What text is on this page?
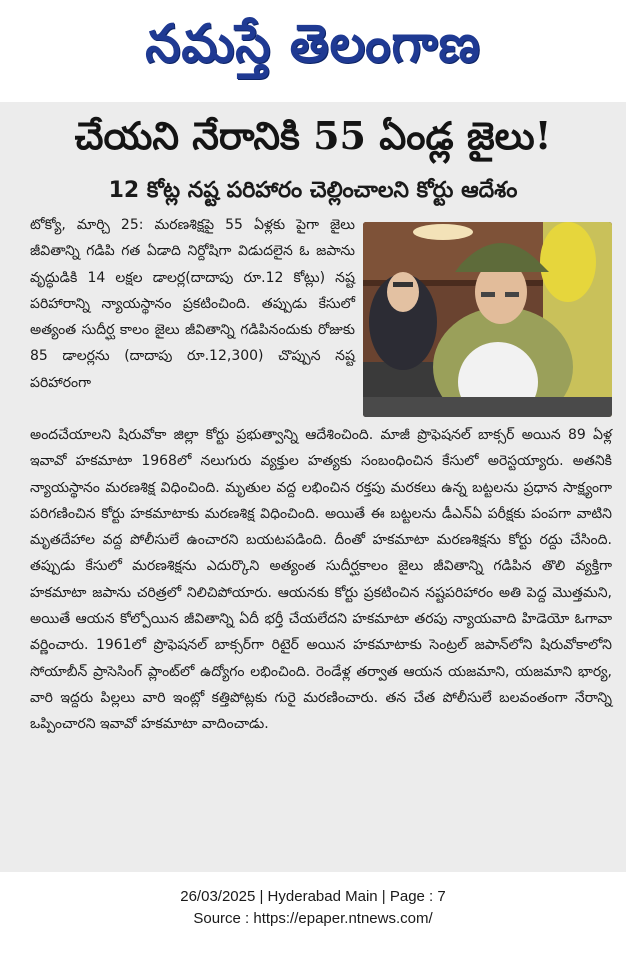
నమస్తే తెలంగాణ
చేయని నేరానికి 55 ఏండ్ల జైలు!
12 కోట్ల నష్ట పరిహారం చెల్లించాలని కోర్టు ఆదేశం

టోక్యో, మార్చి 25: మరణశిక్షపై 55 ఏళ్లకు పైగా జైలు జీవితాన్ని గడిపి గత ఏడాది నిర్దోషిగా విడుదలైన ఓ జపాను వృద్ధుడికి 14 లక్షల డాలర్ల(దాదాపు రూ.12 కోట్లు) నష్ట పరిహారాన్ని న్యాయస్థానం ప్రకటించింది. తప్పుడు కేసులో అత్యంత సుదీర్ఘ కాలం జైలు జీవితాన్ని గడిపినందుకు రోజుకు 85 డాలర్లను (దాదాపు రూ.12,300) చొప్పున నష్ట పరిహారంగా

అందచేయాలని షిరువోకా జిల్లా కోర్టు ప్రభుత్వాన్ని ఆదేశించింది. మాజీ ప్రొఫెషనల్ బాక్సర్ అయిన 89 ఏళ్ల ఇవావో హకమాటా 1968లో నలుగురు వ్యక్తుల హత్యకు సంబంధించిన కేసులో అరెస్టయ్యారు. అతనికి న్యాయస్థానం మరణశిక్ష విధించింది. మృతుల వద్ద లభించిన రక్తపు మరకలు ఉన్న బట్టలను ప్రధాన సాక్ష్యంగా పరిగణించిన కోర్టు హకమాటాకు మరణశిక్ష విధించింది. అయితే ఈ బట్టలను డీఎన్ఏ పరీక్షకు పంపగా వాటిని మృతదేహాల వద్ద పోలీసులే ఉంచారని బయటపడింది. దీంతో హకమాటా మరణశిక్షను కోర్టు రద్దు చేసింది. తప్పుడు కేసులో మరణశిక్షను ఎదుర్కొని అత్యంత సుదీర్ఘకాలం జైలు జీవితాన్ని గడిపిన తొలి వ్యక్తిగా హకమాటా జపాను చరిత్రలో నిలిచిపోయారు. ఆయనకు కోర్టు ప్రకటించిన నష్టపరిహారం అతి పెద్ద మొత్తమని, అయితే ఆయన కోల్పోయిన జీవితాన్ని ఏదీ భర్తీ చేయలేదని హకమాటా తరపు న్యాయవాది హిడెయో ఓగావా వర్ణించారు. 1961లో ప్రొఫెషనల్ బాక్సర్‌గా రిటైర్ అయిన హకమాటాకు సెంట్రల్ జపాన్‌లోని షిరువోకాలోని సోయాబీన్ ప్రాసెసింగ్ ప్లాంట్‌లో ఉద్యోగం లభించింది. రెండేళ్ల తర్వాత ఆయన యజమాని, యజమాని భార్య, వారి ఇద్దరు పిల్లలు వారి ఇంట్లో కత్తిపోట్లకు గురై మరణించారు. తన చేత పోలీసులే బలవంతంగా నేరాన్ని ఒప్పించారని ఇవావో హకమాటా వాదించాడు.

26/03/2025 | Hyderabad Main | Page : 7
Source : https://epaper.ntnews.com/
